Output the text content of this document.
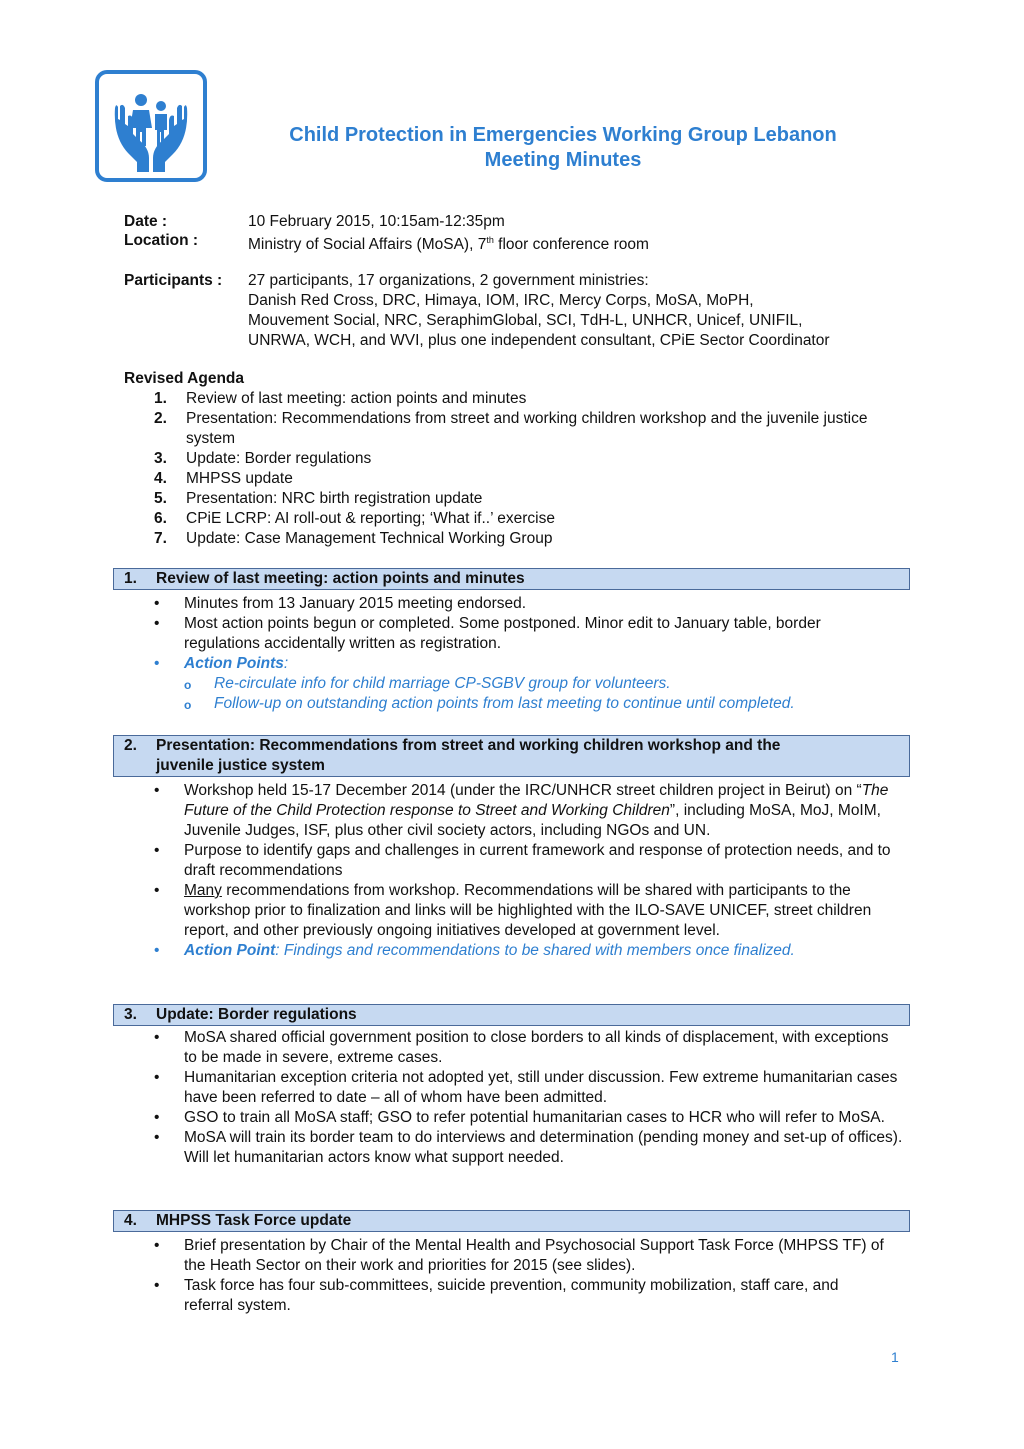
Child Protection in Emergencies Working Group Lebanon
Meeting Minutes
Date :	10 February 2015, 10:15am-12:35pm
Location :	Ministry of Social Affairs (MoSA), 7th floor conference room
Participants : 27 participants, 17 organizations, 2 government ministries:
Danish Red Cross, DRC, Himaya, IOM, IRC, Mercy Corps, MoSA, MoPH,
Mouvement Social, NRC, SeraphimGlobal, SCI, TdH-L, UNHCR, Unicef, UNIFIL,
UNRWA, WCH, and WVI, plus one independent consultant, CPiE Sector Coordinator
Revised Agenda
1. Review of last meeting: action points and minutes
2. Presentation: Recommendations from street and working children workshop and the juvenile justice system
3. Update: Border regulations
4. MHPSS update
5. Presentation: NRC birth registration update
6. CPiE LCRP: AI roll-out & reporting; ‘What if..’ exercise
7. Update: Case Management Technical Working Group
1. Review of last meeting: action points and minutes
• Minutes from 13 January 2015 meeting endorsed.
• Most action points begun or completed. Some postponed. Minor edit to January table, border regulations accidentally written as registration.
• Action Points:
o Re-circulate info for child marriage CP-SGBV group for volunteers.
o Follow-up on outstanding action points from last meeting to continue until completed.
2. Presentation: Recommendations from street and working children workshop and the
juvenile justice system
• Workshop held 15-17 December 2014 (under the IRC/UNHCR street children project in Beirut) on “The Future of the Child Protection response to Street and Working Children”, including MoSA, MoJ, MoIM, Juvenile Judges, ISF, plus other civil society actors, including NGOs and UN.
• Purpose to identify gaps and challenges in current framework and response of protection needs, and to draft recommendations
• Many recommendations from workshop. Recommendations will be shared with participants to the workshop prior to finalization and links will be highlighted with the ILO-SAVE UNICEF, street children report, and other previously ongoing initiatives developed at government level.
• Action Point: Findings and recommendations to be shared with members once finalized.
3. Update: Border regulations
• MoSA shared official government position to close borders to all kinds of displacement, with exceptions to be made in severe, extreme cases.
• Humanitarian exception criteria not adopted yet, still under discussion. Few extreme humanitarian cases have been referred to date – all of whom have been admitted.
• GSO to train all MoSA staff; GSO to refer potential humanitarian cases to HCR who will refer to MoSA.
• MoSA will train its border team to do interviews and determination (pending money and set-up of offices). Will let humanitarian actors know what support needed.
4. MHPSS Task Force update
• Brief presentation by Chair of the Mental Health and Psychosocial Support Task Force (MHPSS TF) of the Heath Sector on their work and priorities for 2015 (see slides).
• Task force has four sub-committees, suicide prevention, community mobilization, staff care, and referral system.
1
